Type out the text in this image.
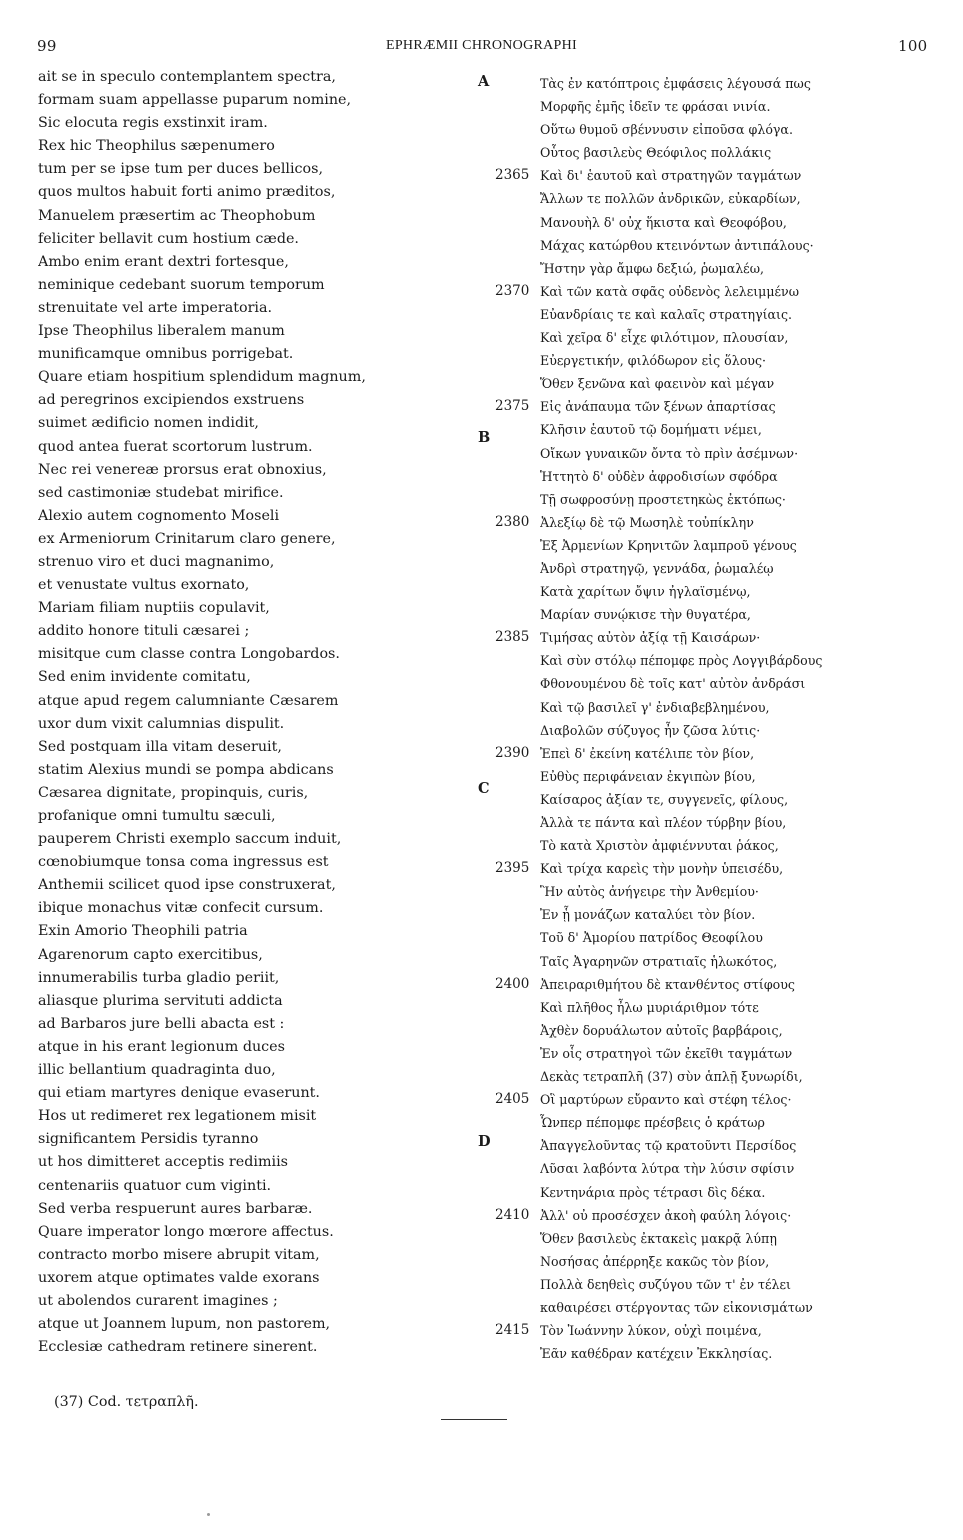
99	EPHRÆMII CHRONOGRAPHI	100
ait se in speculo contemplantem spectra,
formam suam appellasse puparum nomine,
Sic elocuta regis exstinxit iram.
Rex hic Theophilus sæpenumero
tum per se ipse tum per duces bellicos,
quos multos habuit forti animo præditos,
Manuelem præsertim ac Theophobum
feliciter bellavit cum hostium cæde.
Ambo enim erant dextri fortesque,
neminique cedebant suorum temporum
strenuitate vel arte imperatoria.
Ipse Theophilus liberalem manum
munificamque omnibus porrigebat.
Quare etiam hospitium splendidum magnum,
ad peregrinos excipiendos exstruens
suimet ædificio nomen indidit,
quod antea fuerat scortorum lustrum.
Nec rei venereæ prorsus erat obnoxius,
sed castimoniæ studebat mirifice.
Alexio autem cognomento Moseli
ex Armeniorum Crinitarum claro genere,
strenuo viro et duci magnanimo,
et venustate vultus exornato,
Mariam filiam nuptiis copulavit,
addito honore tituli cæsarei ;
misitque cum classe contra Longobardos.
Sed enim invidente comitatu,
atque apud regem calumniante Cæsarem
uxor dum vixit calumnias dispulit.
Sed postquam illa vitam deseruit,
statim Alexius mundi se pompa abdicans
Cæsarea dignitate, propinquis, curis,
profanique omni tumultu sæculi,
pauperem Christi exemplo saccum induit,
cœnobiumque tonsa coma ingressus est
Anthemii scilicet quod ipse construxerat,
ibique monachus vitæ confecit cursum.
Exin Amorio Theophili patria
Agarenorum capto exercitibus,
innumerabilis turba gladio periit,
aliasque plurima servituti addicta
ad Barbaros jure belli abacta est :
atque in his erant legionum duces
illic bellantium quadraginta duo,
qui etiam martyres denique evaserunt.
Hos ut redimeret rex legationem misit
significantem Persidis tyranno
ut hos dimitteret acceptis redimiis
centenariis quatuor cum viginti.
Sed verba respuerunt aures barbaræ.
Quare imperator longo mœrore affectus.
contracto morbo misere abrupit vitam,
uxorem atque optimates valde exorans
ut abolendos curarent imagines ;
atque ut Joannem lupum, non pastorem,
Ecclesiæ cathedram retinere sinerent.
2365
2370
2375
2380
2385
2390
2395
2400
2405
2410
2415
A
B
C
D
Τὰς ἐν κατόπτροις ἐμφάσεις λέγουσά πως
Μορφῆς ἐμῆς ἰδεῖν τε φράσαι νινία.
Οὕτω θυμοῦ σβέννυσιν εἰποῦσα φλόγα.
Οὗτος βασιλεὺς Θεόφιλος πολλάκις
Καὶ δι' ἑαυτοῦ καὶ στρατηγῶν ταγμάτων
Ἄλλων τε πολλῶν ἀνδρικῶν, εὐκαρδίων,
Μανουὴλ δ' οὐχ ἥκιστα καὶ Θεοφόβου,
Μάχας κατώρθου κτεινόντων ἀντιπάλους·
Ἤστην γὰρ ἄμφω δεξιώ, ῥωμαλέω,
Καὶ τῶν κατὰ σφᾶς οὐδενὸς λελειμμένω
Εὐανδρίαις τε καὶ καλαῖς στρατηγίαις.
Καὶ χεῖρα δ' εἶχε φιλότιμον, πλουσίαν,
Εὐεργετικήν, φιλόδωρον εἰς ὅλους·
Ὅθεν ξενῶνα καὶ φαεινὸν καὶ μέγαν
Εἰς ἀνάπαυμα τῶν ξένων ἀπαρτίσας
Κλῆσιν ἑαυτοῦ τῷ δομήματι νέμει,
Οἴκων γυναικῶν ὄντα τὸ πρὶν ἀσέμνων·
Ἡττητὸ δ' οὐδὲν ἀφροδισίων σφόδρα
Τῇ σωφροσύνῃ προστετηκὼς ἐκτόπως·
Ἀλεξίῳ δὲ τῷ Μωσηλὲ τοὐπίκλην
Ἐξ Ἀρμενίων Κρηνιτῶν λαμπροῦ γένους
Ἀνδρὶ στρατηγῷ, γεννάδα, ῥωμαλέῳ
Κατὰ χαρίτων ὄψιν ἠγλαϊσμένῳ,
Μαρίαν συνῴκισε τὴν θυγατέρα,
Τιμήσας αὐτὸν ἀξίᾳ τῇ Καισάρων·
Καὶ σὺν στόλῳ πέπομφε πρὸς Λογγιβάρδους
Φθονουμένου δὲ τοῖς κατ' αὐτὸν ἀνδράσι
Καὶ τῷ βασιλεῖ γ' ἐνδιαβεβλημένου,
Διαβολῶν σύζυγος ἦν ζῶσα λύτις·
Ἐπεὶ δ' ἐκείνη κατέλιπε τὸν βίον,
Εὐθὺς περιφάνειαν ἐκγιπὼν βίου,
Καίσαρος ἀξίαν τε, συγγενεῖς, φίλους,
Ἀλλὰ τε πάντα καὶ πλέον τύρβην βίου,
Τὸ κατὰ Χριστὸν ἀμφιέννυται ῥάκος,
Καὶ τρίχα καρεὶς τὴν μονὴν ὑπεισέδυ,
Ἣν αὐτὸς ἀνήγειρε τὴν Ἀνθεμίου·
Ἐν ᾗ μονάζων καταλύει τὸν βίον.
Τοῦ δ' Ἀμορίου πατρίδος Θεοφίλου
Ταῖς Ἀγαρηνῶν στρατιαῖς ἡλωκότος,
Ἀπειραριθμήτου δὲ κτανθέντος στίφους
Καὶ πλῆθος ἦλω μυριάριθμον τότε
Ἀχθὲν δορυάλωτον αὐτοῖς βαρβάροις,
Ἐν οἷς στρατηγοὶ τῶν ἐκεῖθι ταγμάτων
Δεκὰς τετραπλῆ (37) σὺν ἁπλῇ ξυνωρίδι,
Οἳ μαρτύρων εὔραντο καὶ στέφη τέλος·
Ὧνπερ πέπομφε πρέσβεις ὁ κράτωρ
Ἀπαγγελοῦντας τῷ κρατοῦντι Περσίδος
Λῦσαι λαβόντα λύτρα τὴν λύσιν σφίσιν
Κεντηνάρια πρὸς τέτρασι δὶς δέκα.
Ἀλλ' οὐ προσέσχεν ἀκοὴ φαύλη λόγοις·
Ὅθεν βασιλεὺς ἐκτακεὶς μακρᾷ λύπῃ
Νοσήσας ἀπέρρηξε κακῶς τὸν βίον,
Πολλὰ δεηθεὶς συζύγου τῶν τ' ἐν τέλει
καθαιρέσει στέργοντας τῶν εἰκονισμάτων
Τὸν Ἰωάννην λύκον, οὐχὶ ποιμένα,
Ἐᾶν καθέδραν κατέχειν Ἐκκλησίας.
(37) Cod. τετραπλῆ.
